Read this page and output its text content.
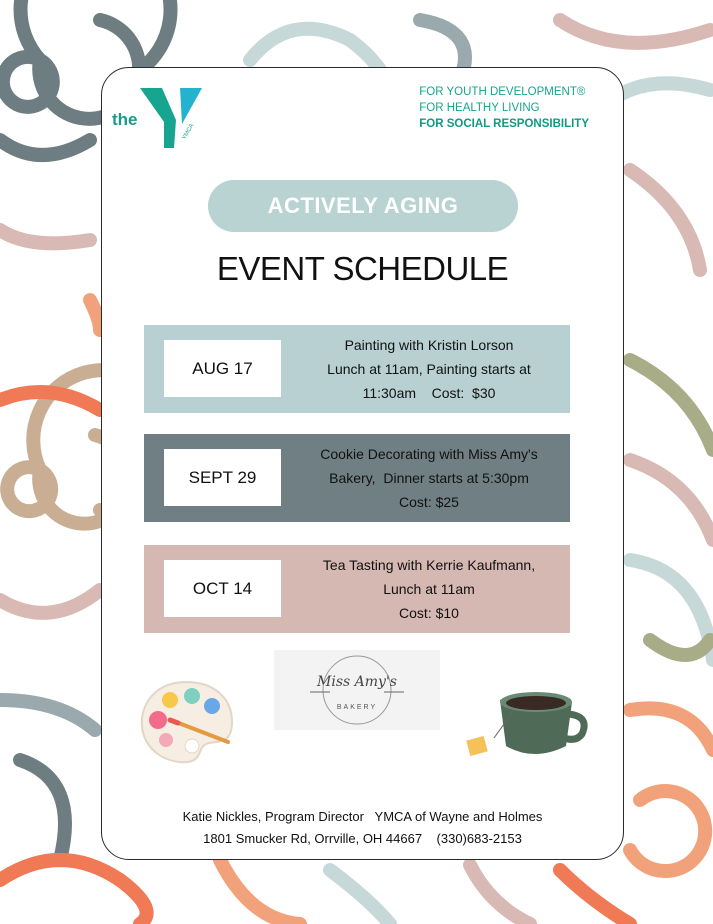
the
YMCA
FOR YOUTH DEVELOPMENT®
FOR HEALTHY LIVING
FOR SOCIAL RESPONSIBILITY
ACTIVELY AGING
EVENT SCHEDULE
AUG 17
Painting with Kristin Lorson
Lunch at 11am, Painting starts at
11:30am    Cost:  $30
SEPT 29
Cookie Decorating with Miss Amy's
Bakery,  Dinner starts at 5:30pm
Cost: $25
OCT 14
Tea Tasting with Kerrie Kaufmann,
Lunch at 11am
Cost: $10
Miss Amy's
BAKERY
Katie Nickles, Program Director   YMCA of Wayne and Holmes
1801 Smucker Rd, Orrville, OH 44667    (330)683-2153
